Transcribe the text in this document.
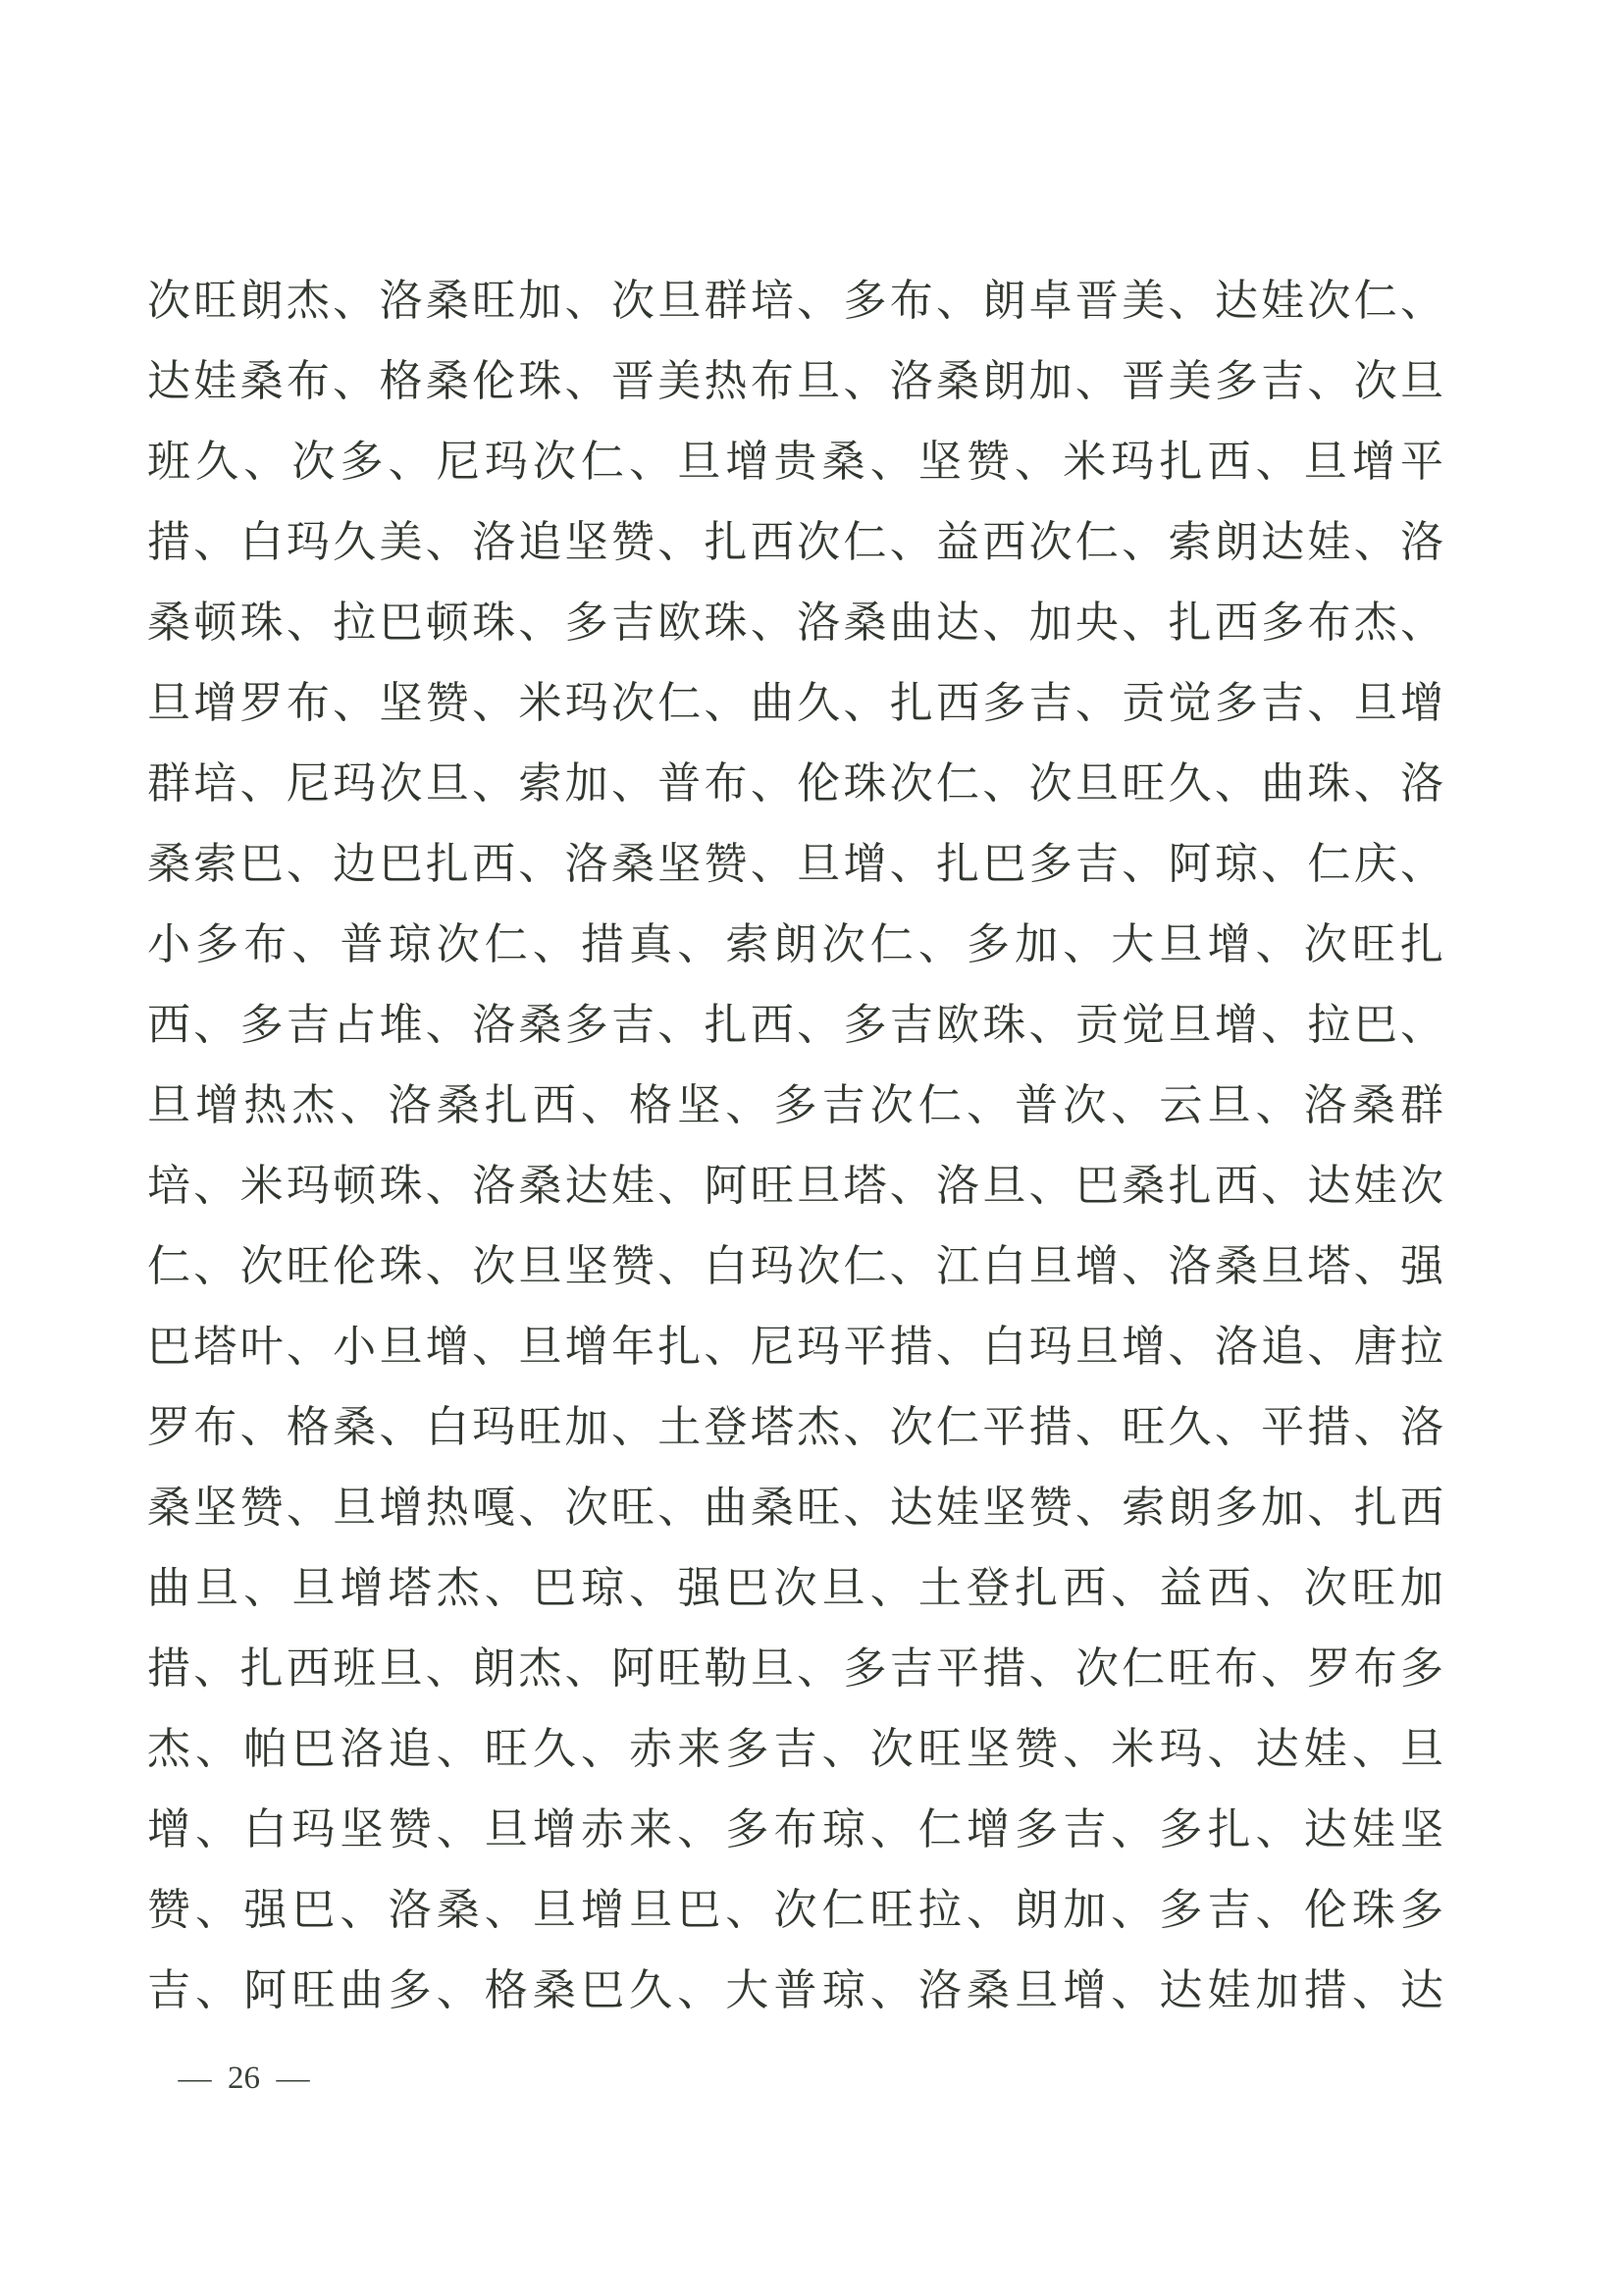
次旺朗杰、洛桑旺加、次旦群培、多布、朗卓晋美、达娃次仁、
达娃桑布、格桑伦珠、晋美热布旦、洛桑朗加、晋美多吉、次旦
班久、次多、尼玛次仁、旦增贵桑、坚赞、米玛扎西、旦增平
措、白玛久美、洛追坚赞、扎西次仁、益西次仁、索朗达娃、洛
桑顿珠、拉巴顿珠、多吉欧珠、洛桑曲达、加央、扎西多布杰、
旦增罗布、坚赞、米玛次仁、曲久、扎西多吉、贡觉多吉、旦增
群培、尼玛次旦、索加、普布、伦珠次仁、次旦旺久、曲珠、洛
桑索巴、边巴扎西、洛桑坚赞、旦增、扎巴多吉、阿琼、仁庆、
小多布、普琼次仁、措真、索朗次仁、多加、大旦增、次旺扎
西、多吉占堆、洛桑多吉、扎西、多吉欧珠、贡觉旦增、拉巴、
旦增热杰、洛桑扎西、格坚、多吉次仁、普次、云旦、洛桑群
培、米玛顿珠、洛桑达娃、阿旺旦塔、洛旦、巴桑扎西、达娃次
仁、次旺伦珠、次旦坚赞、白玛次仁、江白旦增、洛桑旦塔、强
巴塔叶、小旦增、旦增年扎、尼玛平措、白玛旦增、洛追、唐拉
罗布、格桑、白玛旺加、土登塔杰、次仁平措、旺久、平措、洛
桑坚赞、旦增热嘎、次旺、曲桑旺、达娃坚赞、索朗多加、扎西
曲旦、旦增塔杰、巴琼、强巴次旦、土登扎西、益西、次旺加
措、扎西班旦、朗杰、阿旺勒旦、多吉平措、次仁旺布、罗布多
杰、帕巴洛追、旺久、赤来多吉、次旺坚赞、米玛、达娃、旦
增、白玛坚赞、旦增赤来、多布琼、仁增多吉、多扎、达娃坚
赞、强巴、洛桑、旦增旦巴、次仁旺拉、朗加、多吉、伦珠多
吉、阿旺曲多、格桑巴久、大普琼、洛桑旦增、达娃加措、达
— 26 —
